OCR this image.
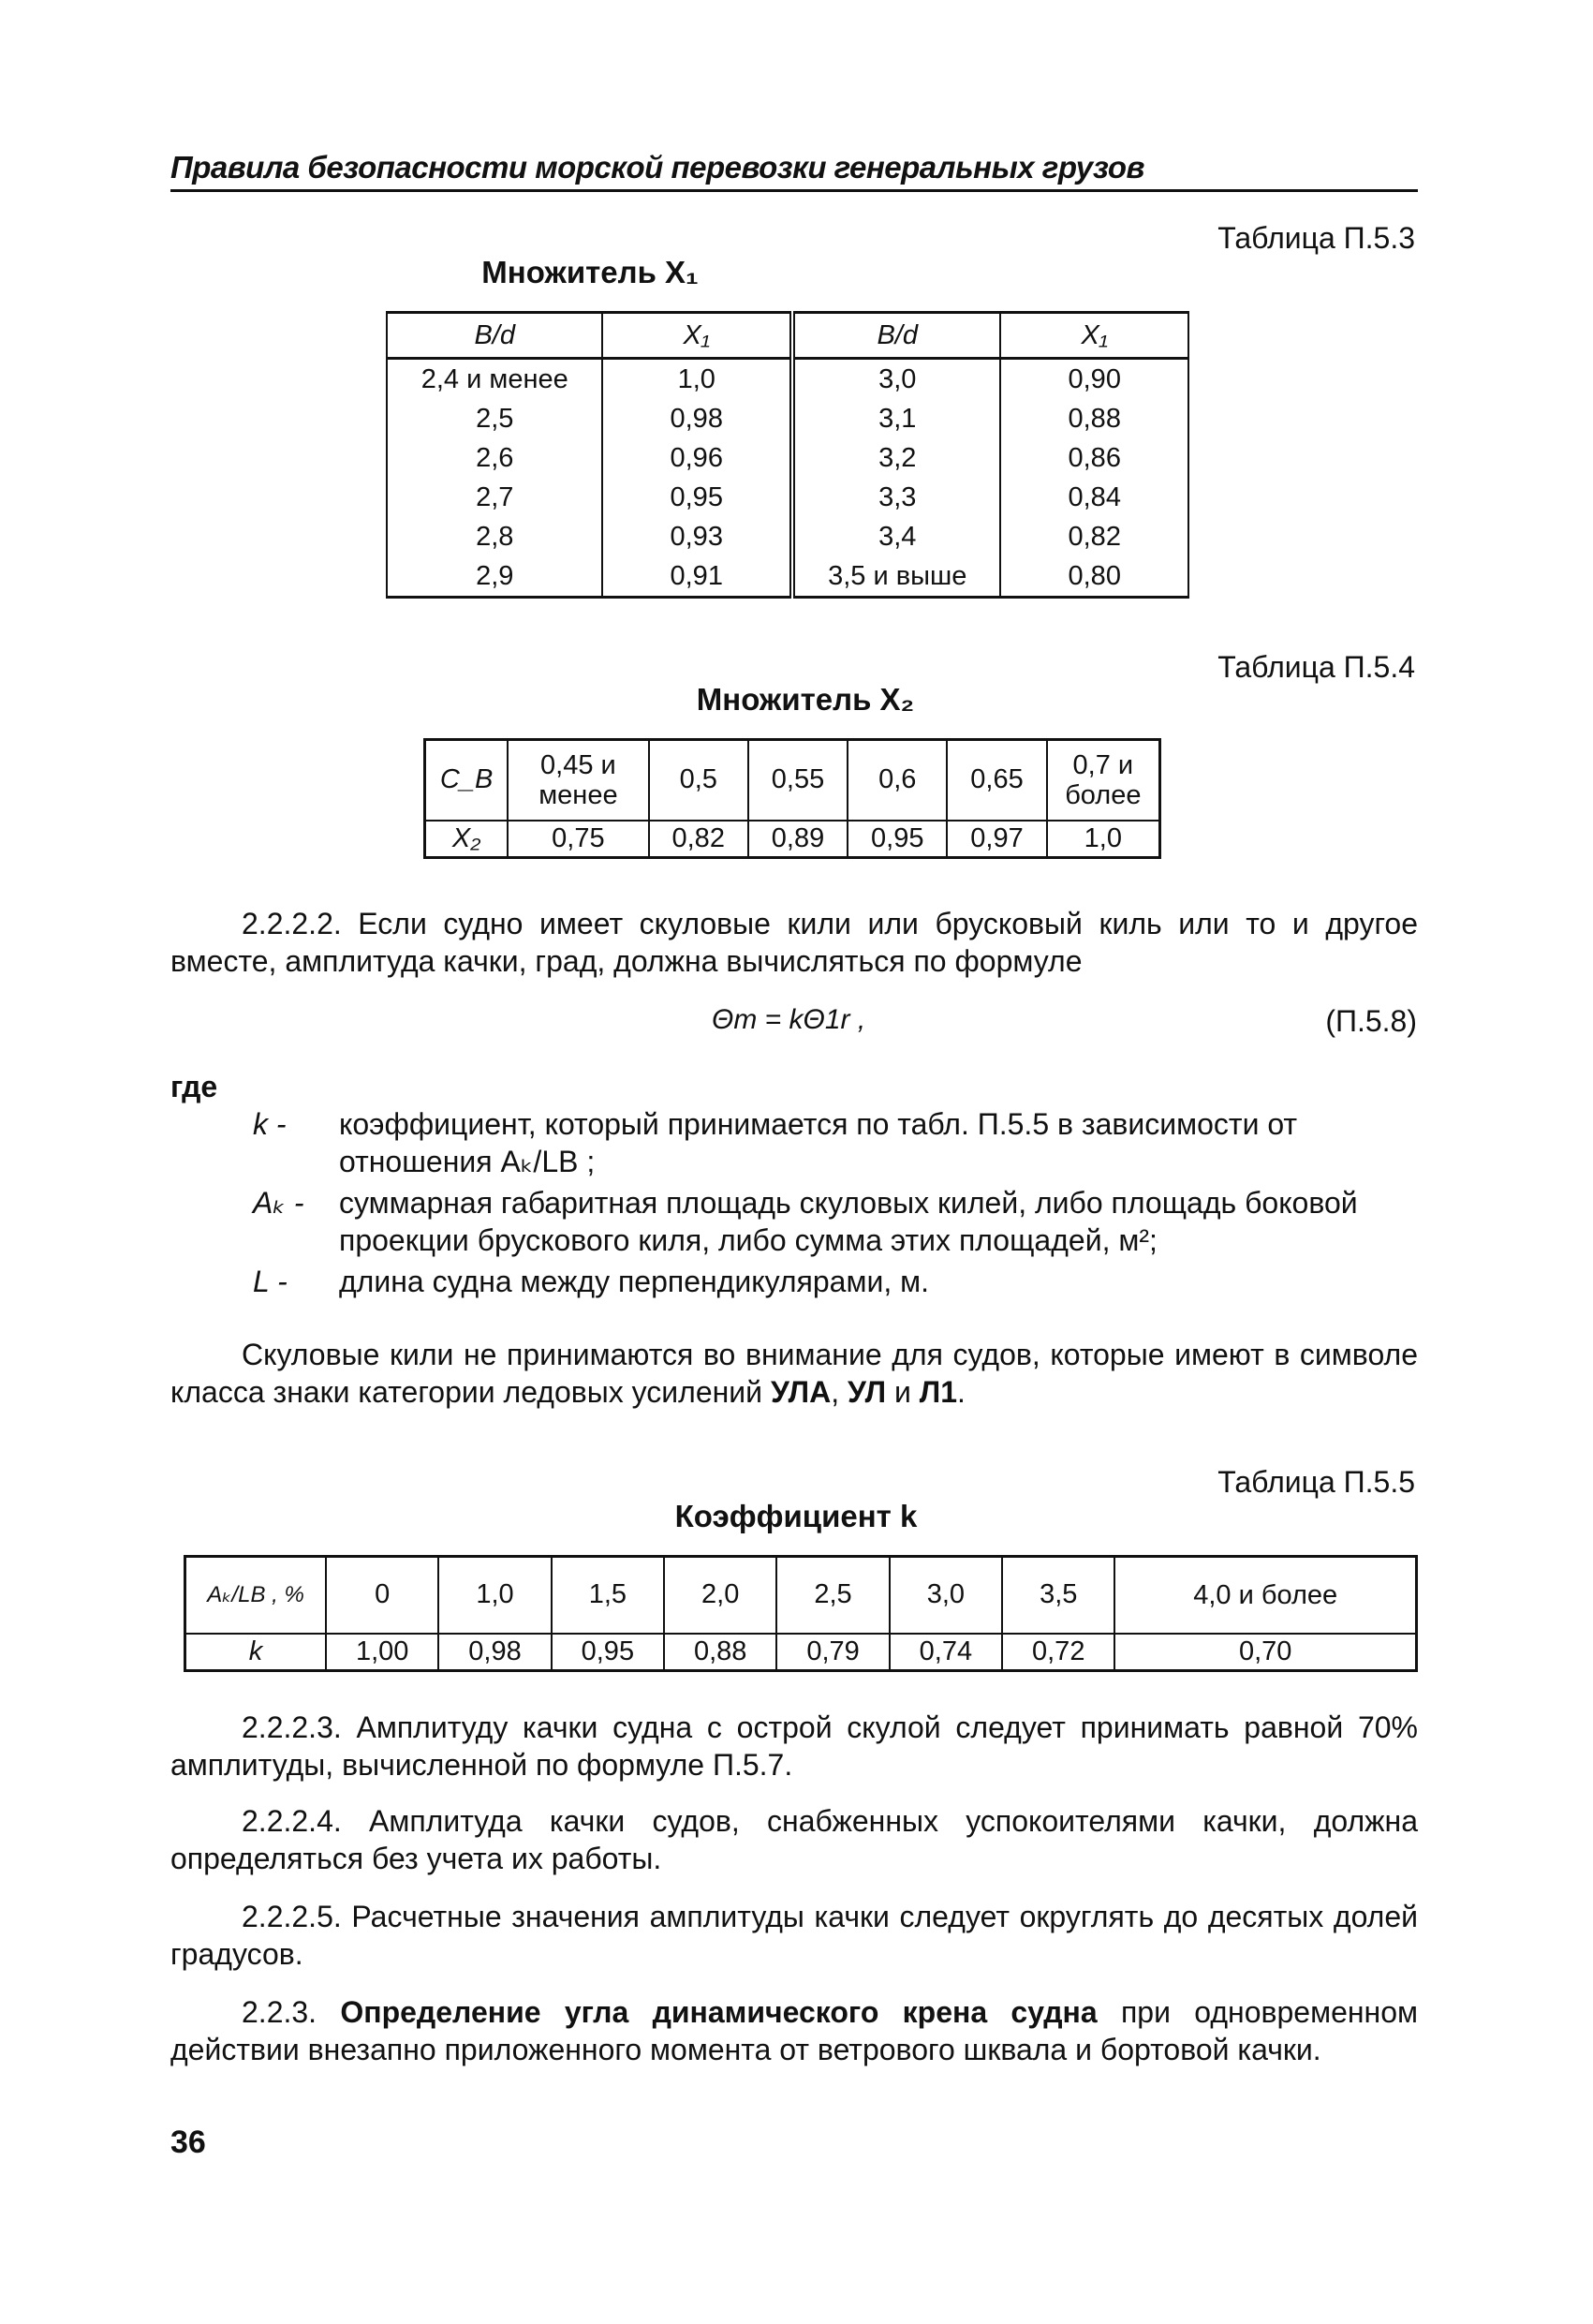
Правила безопасности морской перевозки генеральных грузов
Таблица П.5.3
Множитель X₁
B/d	X₁	B/d	X₁
2,4 и менее	1,0	3,0	0,90
2,5	0,98	3,1	0,88
2,6	0,96	3,2	0,86
2,7	0,95	3,3	0,84
2,8	0,93	3,4	0,82
2,9	0,91	3,5 и выше	0,80
Таблица П.5.4
Множитель X₂
C_B	0,45 и менее	0,5	0,55	0,6	0,65	0,7 и более
X₂	0,75	0,82	0,89	0,95	0,97	1,0
2.2.2.2. Если судно имеет скуловые кили или брусковый киль или то и другое вместе, амплитуда качки, град, должна вычисляться по формуле
Θm = kΘ1r ,	(П.5.8)
где
k -	коэффициент, который принимается по табл. П.5.5 в зависимости от отношения Aₖ/LB ;
Aₖ -	суммарная габаритная площадь скуловых килей, либо площадь боковой проекции брускового киля, либо сумма этих площадей, м²;
L -	длина судна между перпендикулярами, м.
Скуловые кили не принимаются во внимание для судов, которые имеют в символе класса знаки категории ледовых усилений УЛА, УЛ и Л1.
Таблица П.5.5
Коэффициент k
Aₖ/LB , %	0	1,0	1,5	2,0	2,5	3,0	3,5	4,0 и более
k	1,00	0,98	0,95	0,88	0,79	0,74	0,72	0,70
2.2.2.3. Амплитуду качки судна с острой скулой следует принимать равной 70% амплитуды, вычисленной по формуле П.5.7.
2.2.2.4. Амплитуда качки судов, снабженных успокоителями качки, должна определяться без учета их работы.
2.2.2.5. Расчетные значения амплитуды качки следует округлять до десятых долей градусов.
2.2.3. Определение угла динамического крена судна при одновременном действии внезапно приложенного момента от ветрового шквала и бортовой качки.
36
